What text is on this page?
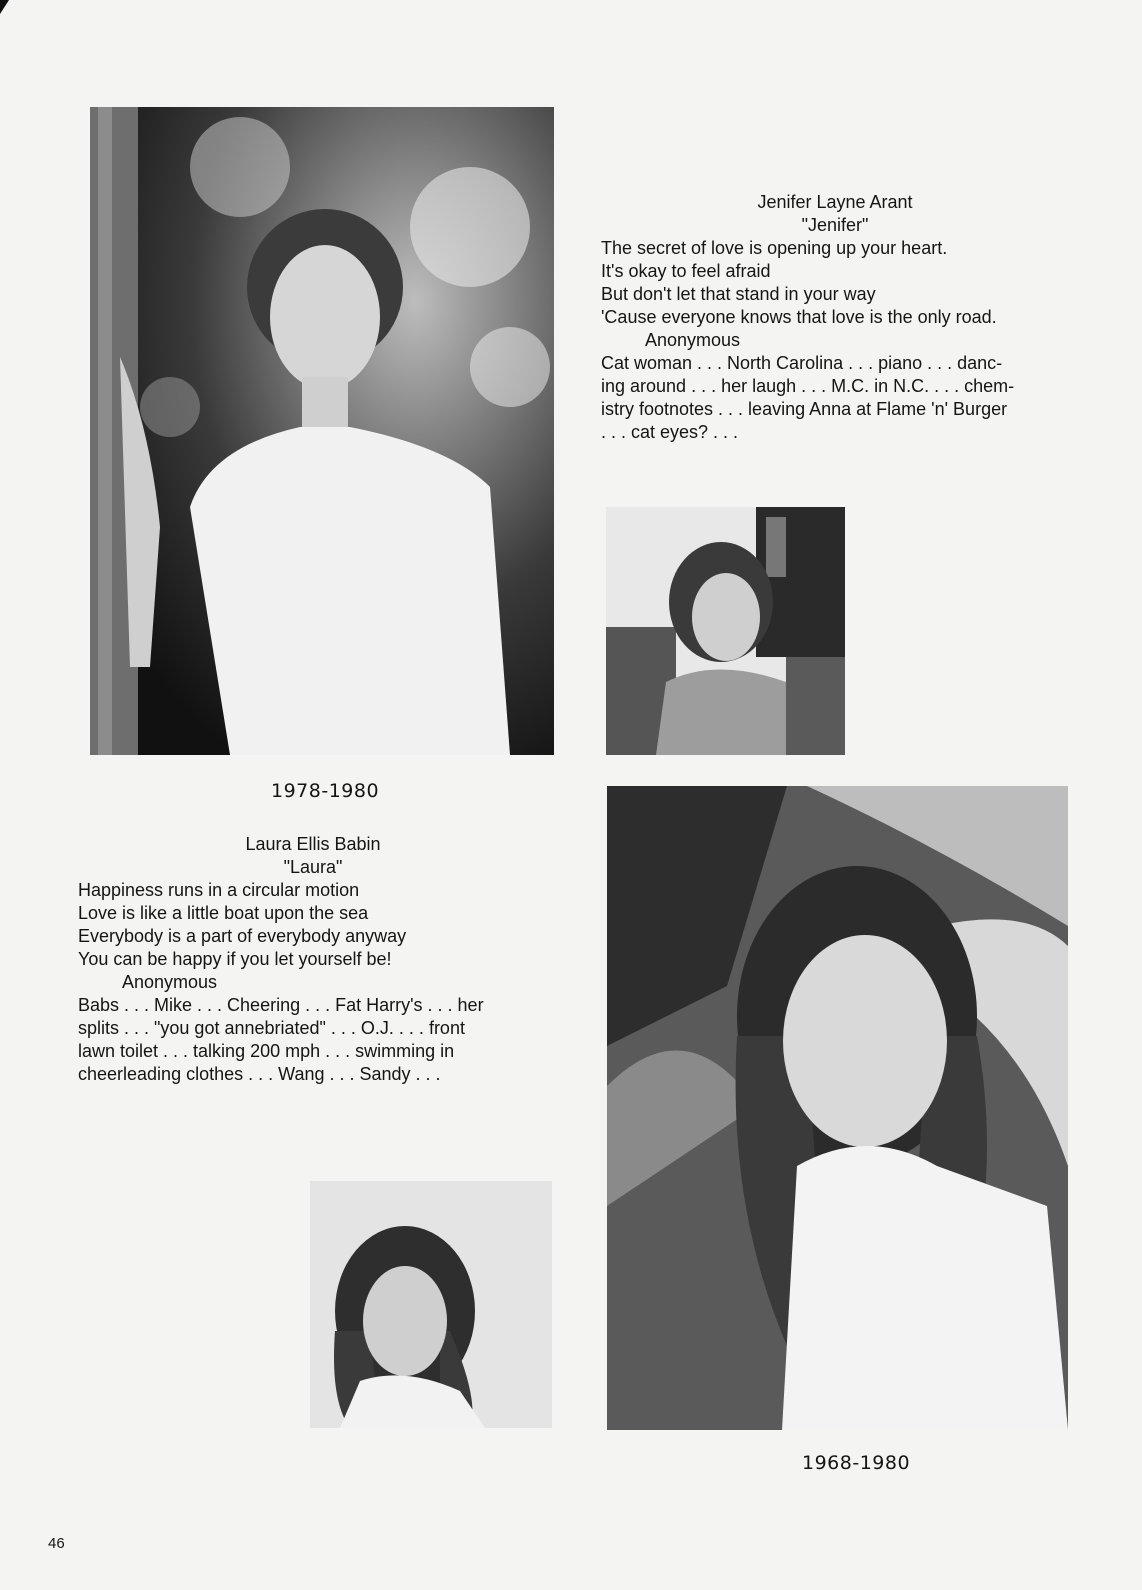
Jenifer Layne Arant
"Jenifer"
The secret of love is opening up your heart.
It's okay to feel afraid
But don't let that stand in your way
'Cause everyone knows that love is the only road.
Anonymous
Cat woman . . . North Carolina . . . piano . . . danc-
ing around . . . her laugh . . . M.C. in N.C. . . . chem-
istry footnotes . . . leaving Anna at Flame 'n' Burger
. . . cat eyes? . . .
1978-1980
Laura Ellis Babin
"Laura"
Happiness runs in a circular motion
Love is like a little boat upon the sea
Everybody is a part of everybody anyway
You can be happy if you let yourself be!
Anonymous
Babs . . . Mike . . . Cheering . . . Fat Harry's . . . her
splits . . . "you got annebriated" . . . O.J. . . . front
lawn toilet . . . talking 200 mph . . . swimming in
cheerleading clothes . . . Wang . . . Sandy . . .
1968-1980
46
